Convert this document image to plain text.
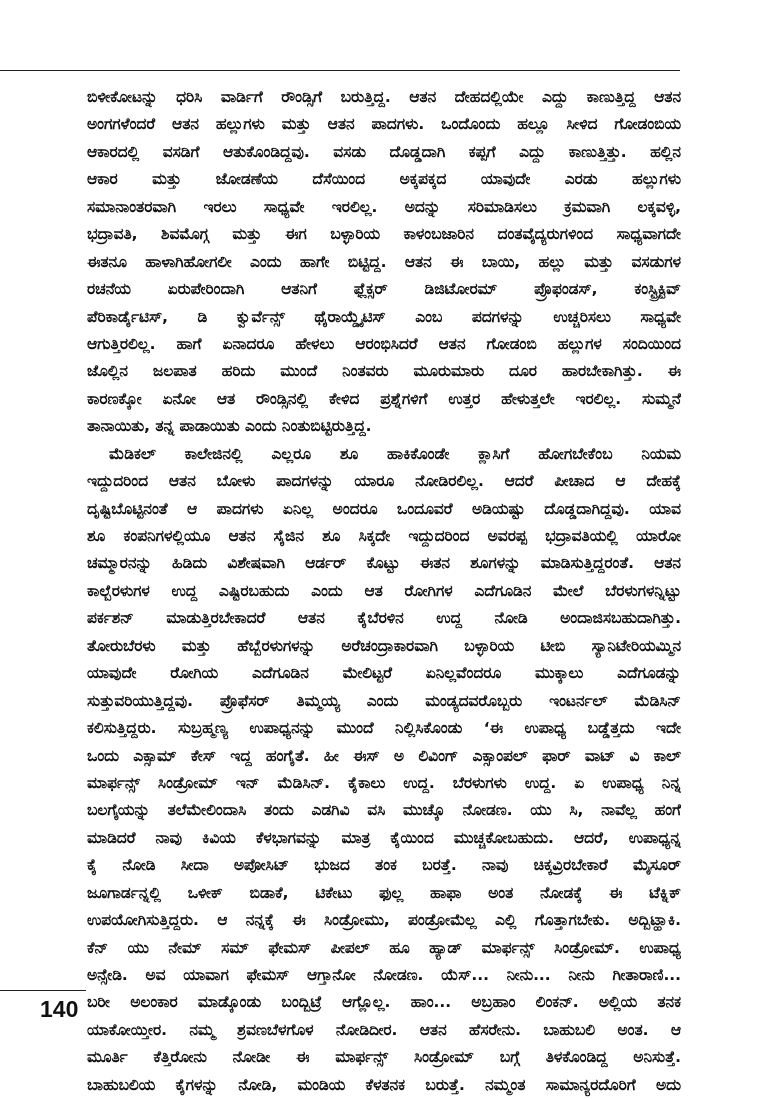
ಬಿಳೀಕೋಟನ್ನು ಧರಿಸಿ ವಾರ್ಡಿಗೆ ರೌಂಡ್ಸಿಗೆ ಬರುತ್ತಿದ್ದ. ಆತನ ದೇಹದಲ್ಲಿಯೇ ಎದ್ದು ಕಾಣುತ್ತಿದ್ದ ಆತನ
ಅಂಗಗಳೆಂದರೆ ಆತನ ಹಲ್ಲುಗಳು ಮತ್ತು ಆತನ ಪಾದಗಳು. ಒಂದೊಂದು ಹಲ್ಲೂ ಸೀಳಿದ ಗೋಡಂಬಿಯ
ಆಕಾರದಲ್ಲಿ ವಸಡಿಗೆ ಆತುಕೊಂಡಿದ್ದವು. ವಸಡು ದೊಡ್ಡದಾಗಿ ಕಪ್ಪಗೆ ಎದ್ದು ಕಾಣುತ್ತಿತ್ತು. ಹಲ್ಲಿನ
ಆಕಾರ ಮತ್ತು ಜೋಡಣೆಯ ದೆಸೆಯಿಂದ ಅಕ್ಕಪಕ್ಕದ ಯಾವುದೇ ಎರಡು ಹಲ್ಲುಗಳು
ಸಮಾನಾಂತರವಾಗಿ ಇರಲು ಸಾಧ್ಯವೇ ಇರಲಿಲ್ಲ. ಅದನ್ನು ಸರಿಮಾಡಿಸಲು ಕ್ರಮವಾಗಿ ಲಕ್ಕವಳ್ಳಿ,
ಭದ್ರಾವತಿ, ಶಿವಮೊಗ್ಗ ಮತ್ತು ಈಗ ಬಳ್ಳಾರಿಯ ಕಾಳಂಬಜಾರಿನ ದಂತವೈದ್ಯರುಗಳಿಂದ ಸಾಧ್ಯವಾಗದೇ
ಈತನೂ ಹಾಳಾಗಿಹೋಗಲೀ ಎಂದು ಹಾಗೇ ಬಿಟ್ಟಿದ್ದ. ಆತನ ಈ ಬಾಯಿ, ಹಲ್ಲು ಮತ್ತು ವಸಡುಗಳ
ರಚನೆಯ ಏರುಪೇರಿಂದಾಗಿ ಆತನಿಗೆ ಫ್ಲೆಕ್ಸರ್ ಡಿಜಿಟೋರಮ್ ಪ್ರೊಫಂಡಸ್, ಕಂಸ್ಟ್ರಿಕ್ಟಿವ್
ಪೆರಿಕಾರ್ಡೈಟಿಸ್, ಡಿ ಕ್ವುರ್ವೆನ್ಸ್ ಥೈರಾಯ್ಡೈಟಿಸ್ ಎಂಬ ಪದಗಳನ್ನು ಉಚ್ಚರಿಸಲು ಸಾಧ್ಯವೇ
ಆಗುತ್ತಿರಲಿಲ್ಲ. ಹಾಗೆ ಏನಾದರೂ ಹೇಳಲು ಆರಂಭಿಸಿದರೆ ಆತನ ಗೋಡಂಬಿ ಹಲ್ಲುಗಳ ಸಂದಿಯಿಂದ
ಜೊಲ್ಲಿನ ಜಲಪಾತ ಹರಿದು ಮುಂದೆ ನಿಂತವರು ಮೂರುಮಾರು ದೂರ ಹಾರಬೇಕಾಗಿತ್ತು. ಈ
ಕಾರಣಕ್ಕೋ ಏನೋ ಆತ ರೌಂಡ್ಸಿನಲ್ಲಿ ಕೇಳಿದ ಪ್ರಶ್ನೆಗಳಿಗೆ ಉತ್ತರ ಹೇಳುತ್ತಲೇ ಇರಲಿಲ್ಲ. ಸುಮ್ಮನೆ
ತಾನಾಯಿತು, ತನ್ನ ಪಾಡಾಯಿತು ಎಂದು ನಿಂತುಬಿಟ್ಟಿರುತ್ತಿದ್ದ.
ಮೆಡಿಕಲ್ ಕಾಲೇಜಿನಲ್ಲಿ ಎಲ್ಲರೂ ಶೂ ಹಾಕಿಕೊಂಡೇ ಕ್ಲಾಸಿಗೆ ಹೋಗಬೇಕೆಂಬ ನಿಯಮ
ಇದ್ದುದರಿಂದ ಆತನ ಬೋಳು ಪಾದಗಳನ್ನು ಯಾರೂ ನೋಡಿರಲಿಲ್ಲ. ಆದರೆ ಪೀಚಾದ ಆ ದೇಹಕ್ಕೆ
ದೃಷ್ಟಿಬೊಟ್ಟಿನಂತೆ ಆ ಪಾದಗಳು ಏನಿಲ್ಲ ಅಂದರೂ ಒಂದೂವರೆ ಅಡಿಯಷ್ಟು ದೊಡ್ಡದಾಗಿದ್ದವು. ಯಾವ
ಶೂ ಕಂಪನಿಗಳಲ್ಲಿಯೂ ಆತನ ಸೈಜಿನ ಶೂ ಸಿಕ್ಕದೇ ಇದ್ದುದರಿಂದ ಅವರಪ್ಪ ಭದ್ರಾವತಿಯಲ್ಲಿ ಯಾರೋ
ಚಮ್ಮಾರನನ್ನು ಹಿಡಿದು ವಿಶೇಷವಾಗಿ ಆರ್ಡರ್ ಕೊಟ್ಟು ಈತನ ಶೂಗಳನ್ನು ಮಾಡಿಸುತ್ತಿದ್ದರಂತೆ. ಆತನ
ಕಾಲ್ಬೆರಳುಗಳ ಉದ್ದ ಎಷ್ಟಿರಬಹುದು ಎಂದು ಆತ ರೋಗಿಗಳ ಎದೆಗೂಡಿನ ಮೇಲೆ ಬೆರಳುಗಳನ್ನಿಟ್ಟು
ಪರ್ಕಶನ್ ಮಾಡುತ್ತಿರಬೇಕಾದರೆ ಆತನ ಕೈಬೆರಳಿನ ಉದ್ದ ನೋಡಿ ಅಂದಾಜಿಸಬಹುದಾಗಿತ್ತು.
ತೋರುಬೆರಳು ಮತ್ತು ಹೆಬ್ಬೆರಳುಗಳನ್ನು ಅರೆಚಂದ್ರಾಕಾರವಾಗಿ ಬಳ್ಳಾರಿಯ ಟೀಬಿ ಸ್ಯಾನಿಟೇರಿಯಮ್ಮಿನ
ಯಾವುದೇ ರೋಗಿಯ ಎದೆಗೂಡಿನ ಮೇಲಿಟ್ಟರೆ ಏನಿಲ್ಲವೆಂದರೂ ಮುಕ್ಕಾಲು ಎದೆಗೂಡನ್ನು
ಸುತ್ತುವರಿಯುತ್ತಿದ್ದವು. ಪ್ರೊಫೆಸರ್ ತಿಮ್ಮಯ್ಯ ಎಂದು ಮಂಡ್ಯದವರೊಬ್ಬರು ಇಂಟರ್ನಲ್ ಮೆಡಿಸಿನ್
ಕಲಿಸುತ್ತಿದ್ದರು. ಸುಬ್ರಹ್ಮಣ್ಯ ಉಪಾಧ್ಯನನ್ನು ಮುಂದೆ ನಿಲ್ಲಿಸಿಕೊಂಡು ‘ಈ ಉಪಾಧ್ಯ ಬಡ್ಡೆತ್ತದು ಇದೇ
ಒಂದು ಎಕ್ಸಾಮ್ ಕೇಸ್ ಇದ್ದ ಹಂಗೈತೆ. ಹೀ ಈಸ್ ಅ ಲಿವಿಂಗ್ ಎಕ್ಸಾಂಪಲ್ ಫಾರ್ ವಾಟ್ ವಿ ಕಾಲ್
ಮಾರ್ಫನ್ಸ್ ಸಿಂಡ್ರೋಮ್ ಇನ್ ಮೆಡಿಸಿನ್. ಕೈಕಾಲು ಉದ್ದ. ಬೆರಳುಗಳು ಉದ್ದ. ಏ ಉಪಾಧ್ಯ ನಿನ್ನ
ಬಲಗೈಯನ್ನು ತಲೆಮೇಲಿಂದಾಸಿ ತಂದು ಎಡಗಿವಿ ವಸಿ ಮುಚ್ಕೊ ನೋಡಣ. ಯು ಸಿ, ನಾವೆಲ್ಲ ಹಂಗೆ
ಮಾಡಿದರೆ ನಾವು ಕಿವಿಯ ಕೆಳಭಾಗವನ್ನು ಮಾತ್ರ ಕೈಯಿಂದ ಮುಚ್ಚಕೋಬಹುದು. ಆದರೆ, ಉಪಾಧ್ಯನ್ನ
ಕೈ ನೋಡಿ ಸೀದಾ ಅಪೋಸಿಟ್ ಭುಜದ ತಂಕ ಬರತ್ತೆ. ನಾವು ಚಿಕ್ಕವ್ರಿರಬೇಕಾರೆ ಮೈಸೂರ್
ಜೂಗಾರ್ಡನ್ನಲ್ಲಿ ಒಳೀಕ್ ಬಿಡಾಕೆ, ಟಿಕೇಟು ಫುಲ್ಲ ಹಾಫಾ ಅಂತ ನೋಡಕ್ಕೆ ಈ ಟೆಕ್ನಿಕ್
ಉಪಯೋಗಿಸುತ್ತಿದ್ದರು. ಆ ನನ್ನಕ್ಕೆ ಈ ಸಿಂಡ್ರೋಮು, ಪಂಡ್ರೋಮೆಲ್ಲ ಎಲ್ಲಿ ಗೊತ್ತಾಗಬೇಕು. ಅದ್ಬಿಟ್ಹಾಕಿ.
ಕೆನ್ ಯು ನೇಮ್ ಸಮ್ ಫೇಮಸ್ ಪೀಪಲ್ ಹೂ ಹ್ಯಾಡ್ ಮಾರ್ಫನ್ಸ್ ಸಿಂಡ್ರೋಮ್. ಉಪಾಧ್ಯ
ಅನ್ಸೇಡಿ. ಅವ ಯಾವಾಗ ಫೇಮಸ್ ಆಗ್ತಾನೋ ನೋಡಣ. ಯೆಸ್... ನೀನು... ನೀನು ಗೀತಾರಾಣಿ...
ಬರೀ ಅಲಂಕಾರ ಮಾಡ್ಕೊಂಡು ಬಂದ್ಬಿಟ್ರೆ ಆಗ್ಲೊಲ್ಲ. ಹಾಂ... ಅಬ್ರಹಾಂ ಲಿಂಕನ್. ಅಲ್ಲಿಯ ತನಕ
ಯಾಕೋಯ್ತೀರ. ನಮ್ಮ ಶ್ರವಣಬೆಳಗೊಳ ನೋಡಿದೀರ. ಆತನ ಹೆಸರೇನು. ಬಾಹುಬಲಿ ಅಂತ. ಆ
ಮೂರ್ತಿ ಕೆತ್ತಿರೋನು ನೋಡೀ ಈ ಮಾರ್ಫನ್ಸ್ ಸಿಂಡ್ರೋಮ್ ಬಗ್ಗೆ ತಿಳಕೊಂಡಿದ್ದ ಅನಿಸುತ್ತೆ.
ಬಾಹುಬಲಿಯ ಕೈಗಳನ್ನು ನೋಡಿ, ಮಂಡಿಯ ಕೆಳತನಕ ಬರುತ್ತೆ. ನಮ್ಮಂತ ಸಾಮಾನ್ಯರದೊರಿಗೆ ಅದು
140
